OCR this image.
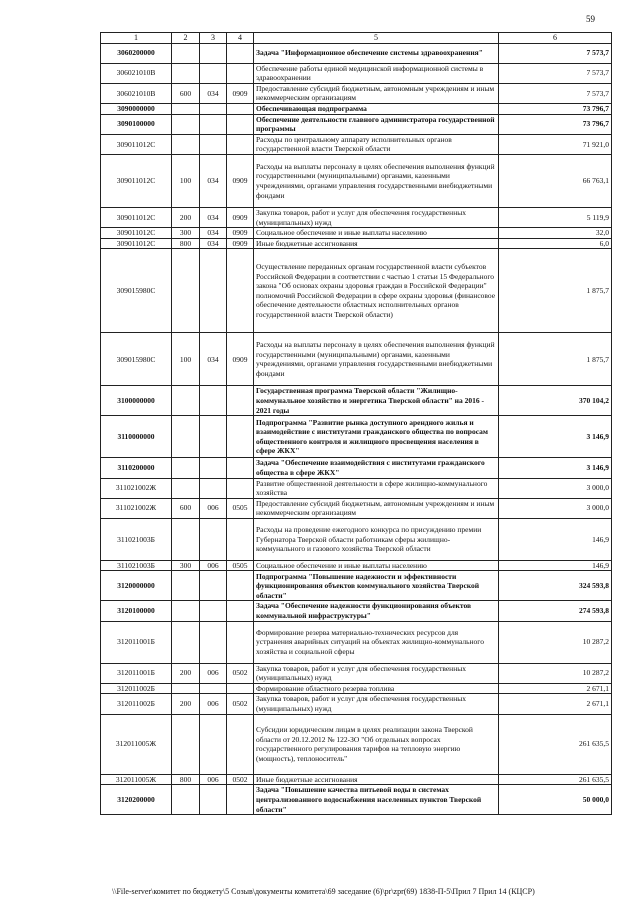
59
1	2	3	4	5	6
3060200000				Задача "Информационное обеспечение системы здравоохранения"	7 573,7
306021010В				Обеспечение работы единой медицинской информационной системы в здравоохранении	7 573,7
306021010В	600	034	0909	Предоставление субсидий бюджетным, автономным учреждениям и иным некоммерческим организациям	7 573,7
3090000000				Обеспечивающая подпрограмма	73 796,7
3090100000				Обеспечение деятельности главного администратора государственной программы	73 796,7
309011012С				Расходы по центральному аппарату исполнительных органов государственной власти Тверской области	71 921,0
309011012С	100	034	0909	Расходы на выплаты персоналу в целях обеспечения выполнения функций государственными (муниципальными) органами, казенными учреждениями, органами управления государственными внебюджетными фондами	66 763,1
309011012С	200	034	0909	Закупка товаров, работ и услуг для обеспечения государственных (муниципальных) нужд	5 119,9
309011012С	300	034	0909	Социальное обеспечение и иные выплаты населению	32,0
309011012С	800	034	0909	Иные бюджетные ассигнования	6,0
309015980С				Осуществление переданных органам государственной власти субъектов Российской Федерации в соответствии с частью 1 статьи 15 Федерального закона "Об основах охраны здоровья граждан в Российской Федерации" полномочий Российской Федерации в сфере охраны здоровья (финансовое обеспечение деятельности областных исполнительных органов государственной власти Тверской области)	1 875,7
309015980С	100	034	0909	Расходы на выплаты персоналу в целях обеспечения выполнения функций государственными (муниципальными) органами, казенными учреждениями, органами управления государственными внебюджетными фондами	1 875,7
3100000000				Государственная программа Тверской области "Жилищно-коммунальное хозяйство и энергетика Тверской области" на 2016 - 2021 годы	370 104,2
3110000000				Подпрограмма "Развитие рынка доступного арендного жилья и взаимодействие с институтами гражданского общества по вопросам общественного контроля и жилищного просвещения населения в сфере ЖКХ"	3 146,9
3110200000				Задача "Обеспечение взаимодействия с институтами гражданского общества в сфере ЖКХ"	3 146,9
311021002Ж				Развитие общественной деятельности в сфере жилищно-коммунального хозяйства	3 000,0
311021002Ж	600	006	0505	Предоставление субсидий бюджетным, автономным учреждениям и иным некоммерческим организациям	3 000,0
311021003Б				Расходы на проведение ежегодного конкурса по присуждению премии Губернатора Тверской области работникам сферы жилищно-коммунального и газового хозяйства Тверской области	146,9
311021003Б	300	006	0505	Социальное обеспечение и иные выплаты населению	146,9
3120000000				Подпрограмма "Повышение надежности и эффективности функционирования объектов коммунального хозяйства Тверской области"	324 593,8
3120100000				Задача "Обеспечение надежности функционирования объектов коммунальной инфраструктуры"	274 593,8
312011001Б				Формирование резерва материально-технических ресурсов для устранения аварийных ситуаций на объектах жилищно-коммунального хозяйства и социальной сферы	10 287,2
312011001Б	200	006	0502	Закупка товаров, работ и услуг для обеспечения государственных (муниципальных) нужд	10 287,2
312011002Б				Формирование областного резерва топлива	2 671,1
312011002Б	200	006	0502	Закупка товаров, работ и услуг для обеспечения государственных (муниципальных) нужд	2 671,1
312011005Ж				Субсидии юридическим лицам в целях реализации закона Тверской области от 20.12.2012 № 122-ЗО "Об отдельных вопросах государственного регулирования тарифов на тепловую энергию (мощность), теплоноситель"	261 635,5
312011005Ж	800	006	0502	Иные бюджетные ассигнования	261 635,5
3120200000				Задача "Повышение качества питьевой воды в системах централизованного водоснабжения населенных пунктов Тверской области"	50 000,0
\\File-server\комитет по бюджету\5 Созыв\документы комитета\69 заседание (6)\pr\zpr(69) 1838-П-5\Прил 7 Прил 14 (КЦСР)
